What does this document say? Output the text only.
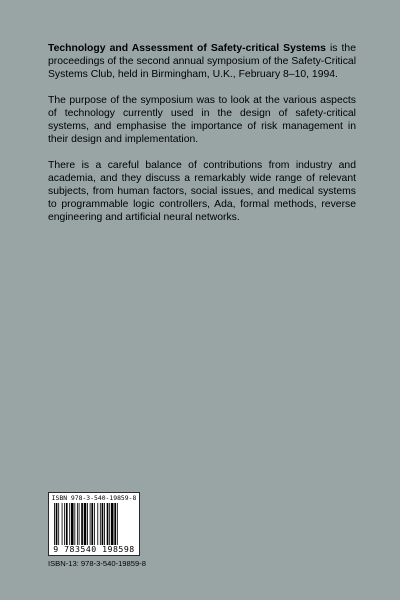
Technology and Assessment of Safety-critical Systems is the proceedings of the second annual symposium of the Safety-Critical Systems Club, held in Birmingham, U.K., February 8–10, 1994.

The purpose of the symposium was to look at the various aspects of technology currently used in the design of safety-critical systems, and emphasise the importance of risk management in their design and implementation.

There is a careful balance of contributions from industry and academia, and they discuss a remarkably wide range of relevant subjects, from human factors, social issues, and medical systems to programmable logic controllers, Ada, formal methods, reverse engineering and artificial neural networks.

ISBN 978-3-540-19859-8
9 783540 198598
ISBN-13: 978-3-540-19859-8
